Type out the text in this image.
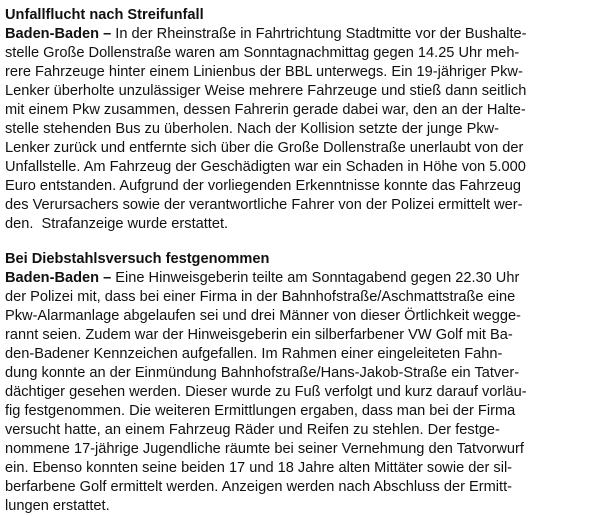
Unfallflucht nach Streifunfall
Baden-Baden – In der Rheinstraße in Fahrtrichtung Stadtmitte vor der Bushalte-
stelle Große Dollenstraße waren am Sonntagnachmittag gegen 14.25 Uhr meh-
rere Fahrzeuge hinter einem Linienbus der BBL unterwegs. Ein 19-jähriger Pkw-
Lenker überholte unzulässiger Weise mehrere Fahrzeuge und stieß dann seitlich
mit einem Pkw zusammen, dessen Fahrerin gerade dabei war, den an der Halte-
stelle stehenden Bus zu überholen. Nach der Kollision setzte der junge Pkw-
Lenker zurück und entfernte sich über die Große Dollenstraße unerlaubt von der
Unfallstelle. Am Fahrzeug der Geschädigten war ein Schaden in Höhe von 5.000
Euro entstanden. Aufgrund der vorliegenden Erkenntnisse konnte das Fahrzeug
des Verursachers sowie der verantwortliche Fahrer von der Polizei ermittelt wer-
den.  Strafanzeige wurde erstattet.
Bei Diebstahlsversuch festgenommen
Baden-Baden – Eine Hinweisgeberin teilte am Sonntagabend gegen 22.30 Uhr
der Polizei mit, dass bei einer Firma in der Bahnhofstraße/Aschmattstraße eine
Pkw-Alarmanlage abgelaufen sei und drei Männer von dieser Örtlichkeit wegge-
rannt seien. Zudem war der Hinweisgeberin ein silberfarbener VW Golf mit Ba-
den-Badener Kennzeichen aufgefallen. Im Rahmen einer eingeleiteten Fahn-
dung konnte an der Einmündung Bahnhofstraße/Hans-Jakob-Straße ein Tatver-
dächtiger gesehen werden. Dieser wurde zu Fuß verfolgt und kurz darauf vorläu-
fig festgenommen. Die weiteren Ermittlungen ergaben, dass man bei der Firma
versucht hatte, an einem Fahrzeug Räder und Reifen zu stehlen. Der festge-
nommene 17-jährige Jugendliche räumte bei seiner Vernehmung den Tatvorwurf
ein. Ebenso konnten seine beiden 17 und 18 Jahre alten Mittäter sowie der sil-
berfarbene Golf ermittelt werden. Anzeigen werden nach Abschluss der Ermitt-
lungen erstattet.
